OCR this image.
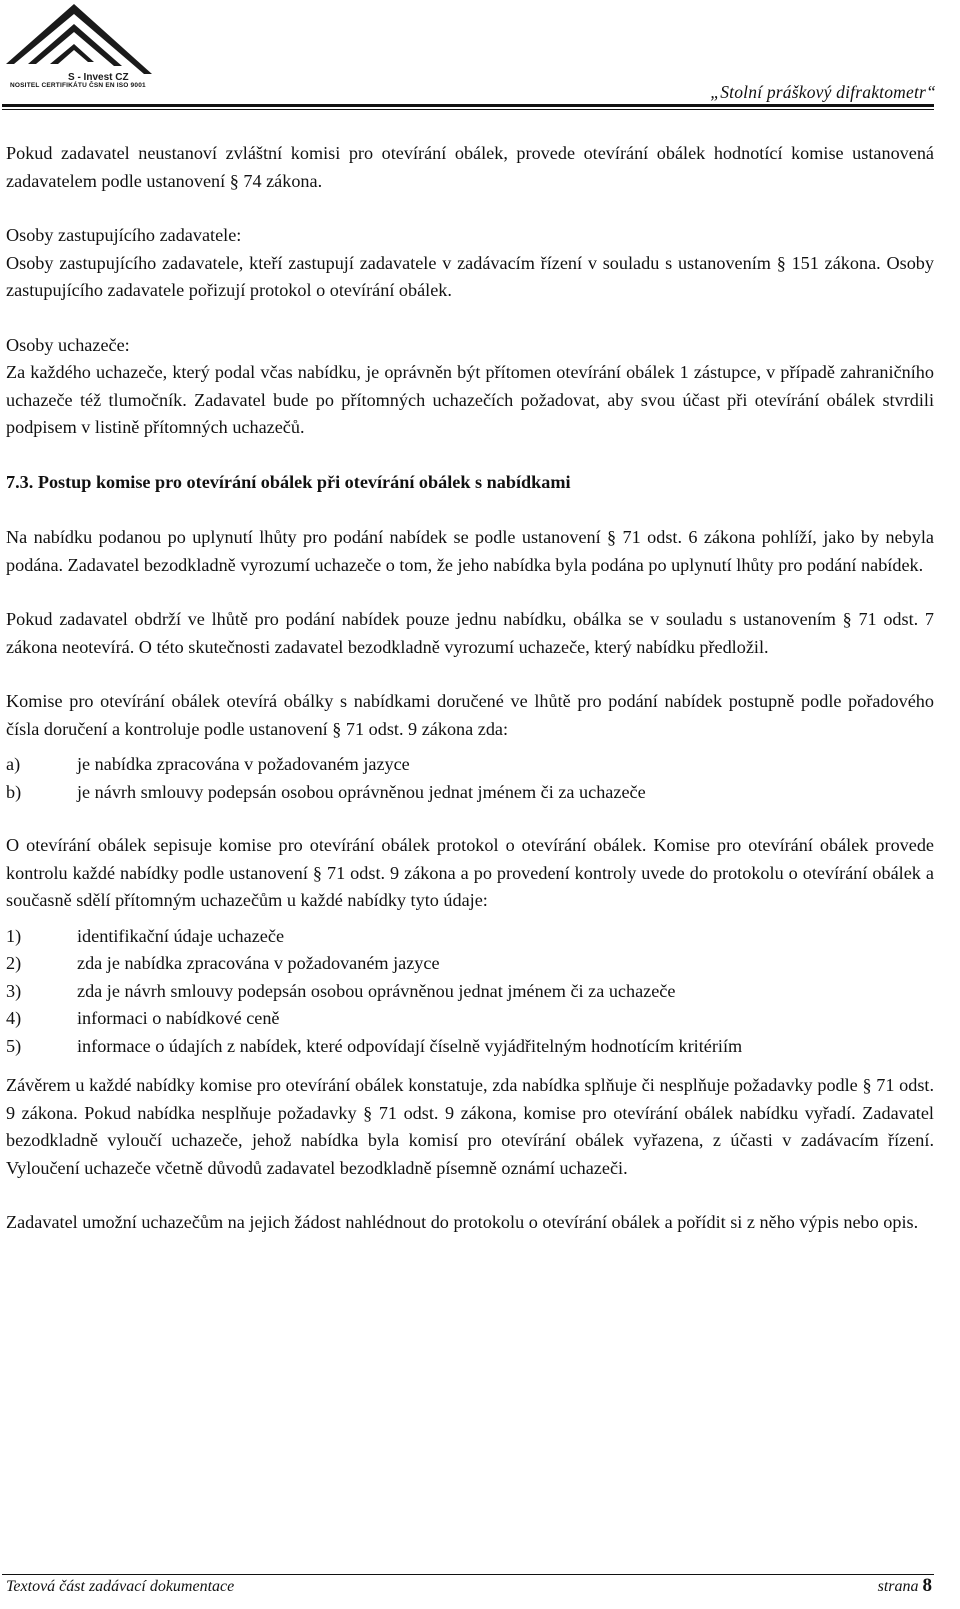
S - Invest CZ
NOSITEL CERTIFIKÁTU ČSN EN ISO 9001	„Stolní práškový difraktometr“

Pokud zadavatel neustanoví zvláštní komisi pro otevírání obálek, provede otevírání obálek hodnotící komise ustanovená zadavatelem podle ustanovení § 74 zákona.

Osoby zastupujícího zadavatele:

Osoby zastupujícího zadavatele, kteří zastupují zadavatele v zadávacím řízení v souladu s ustanovením § 151 zákona. Osoby zastupujícího zadavatele pořizují protokol o otevírání obálek.

Osoby uchazeče:

Za každého uchazeče, který podal včas nabídku, je oprávněn být přítomen otevírání obálek 1 zástupce, v případě zahraničního uchazeče též tlumočník. Zadavatel bude po přítomných uchazečích požadovat, aby svou účast při otevírání obálek stvrdili podpisem v listině přítomných uchazečů.

7.3. Postup komise pro otevírání obálek při otevírání obálek s nabídkami

Na nabídku podanou po uplynutí lhůty pro podání nabídek se podle ustanovení § 71 odst. 6 zákona pohlíží, jako by nebyla podána. Zadavatel bezodkladně vyrozumí uchazeče o tom, že jeho nabídka byla podána po uplynutí lhůty pro podání nabídek.

Pokud zadavatel obdrží ve lhůtě pro podání nabídek pouze jednu nabídku, obálka se v souladu s ustanovením § 71 odst. 7 zákona neotevírá. O této skutečnosti zadavatel bezodkladně vyrozumí uchazeče, který nabídku předložil.

Komise pro otevírání obálek otevírá obálky s nabídkami doručené ve lhůtě pro podání nabídek postupně podle pořadového čísla doručení a kontroluje podle ustanovení § 71 odst. 9 zákona zda:

a)	je nabídka zpracována v požadovaném jazyce
b)	je návrh smlouvy podepsán osobou oprávněnou jednat jménem či za uchazeče

O otevírání obálek sepisuje komise pro otevírání obálek protokol o otevírání obálek. Komise pro otevírání obálek provede kontrolu každé nabídky podle ustanovení § 71 odst. 9 zákona a po provedení kontroly uvede do protokolu o otevírání obálek a současně sdělí přítomným uchazečům u každé nabídky tyto údaje:

1)	identifikační údaje uchazeče
2)	zda je nabídka zpracována v požadovaném jazyce
3)	zda je návrh smlouvy podepsán osobou oprávněnou jednat jménem či za uchazeče
4)	informaci o nabídkové ceně
5)	informace o údajích z nabídek, které odpovídají číselně vyjádřitelným hodnotícím kritériím

Závěrem u každé nabídky komise pro otevírání obálek konstatuje, zda nabídka splňuje či nesplňuje požadavky podle § 71 odst. 9 zákona. Pokud nabídka nesplňuje požadavky § 71 odst. 9 zákona, komise pro otevírání obálek nabídku vyřadí. Zadavatel bezodkladně vyloučí uchazeče, jehož nabídka byla komisí pro otevírání obálek vyřazena, z účasti v zadávacím řízení. Vyloučení uchazeče včetně důvodů zadavatel bezodkladně písemně oznámí uchazeči.

Zadavatel umožní uchazečům na jejich žádost nahlédnout do protokolu o otevírání obálek a pořídit si z něho výpis nebo opis.

Textová část zadávací dokumentace	strana 8
